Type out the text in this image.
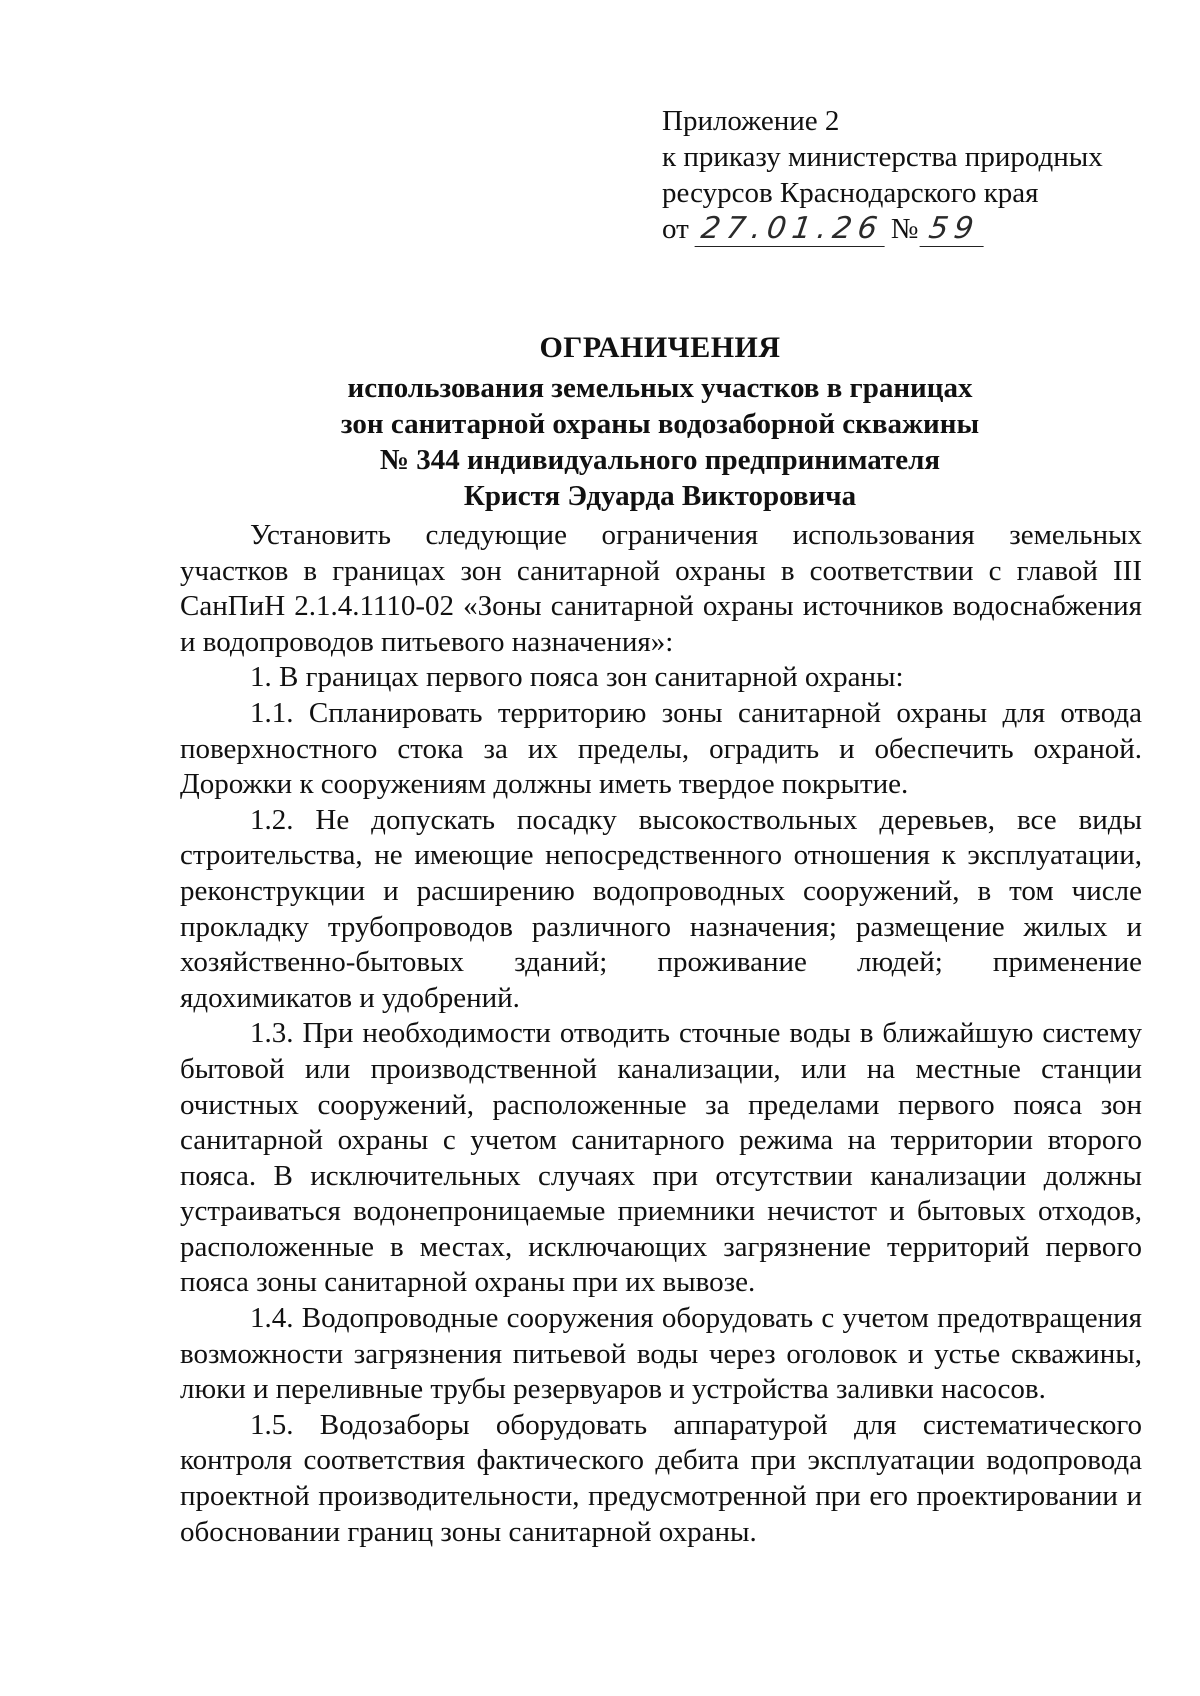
Приложение 2
к приказу министерства природных
ресурсов Краснодарского края
от 27.01.26 № 59
ОГРАНИЧЕНИЯ
использования земельных участков в границах
зон санитарной охраны водозаборной скважины
№ 344 индивидуального предпринимателя
Кристя Эдуарда Викторовича

Установить следующие ограничения использования земельных участков в границах зон санитарной охраны в соответствии с главой III СанПиН 2.1.4.1110-02 «Зоны санитарной охраны источников водоснабжения и водопроводов питьевого назначения»:

1. В границах первого пояса зон санитарной охраны:

1.1. Спланировать территорию зоны санитарной охраны для отвода поверхностного стока за их пределы, оградить и обеспечить охраной. Дорожки к сооружениям должны иметь твердое покрытие.

1.2. Не допускать посадку высокоствольных деревьев, все виды строительства, не имеющие непосредственного отношения к эксплуатации, реконструкции и расширению водопроводных сооружений, в том числе прокладку трубопроводов различного назначения; размещение жилых и хозяйственно-бытовых зданий; проживание людей; применение ядохимикатов и удобрений.

1.3. При необходимости отводить сточные воды в ближайшую систему бытовой или производственной канализации, или на местные станции очистных сооружений, расположенные за пределами первого пояса зон санитарной охраны с учетом санитарного режима на территории второго пояса. В исключительных случаях при отсутствии канализации должны устраиваться водонепроницаемые приемники нечистот и бытовых отходов, расположенные в местах, исключающих загрязнение территорий первого пояса зоны санитарной охраны при их вывозе.

1.4. Водопроводные сооружения оборудовать с учетом предотвращения возможности загрязнения питьевой воды через оголовок и устье скважины, люки и переливные трубы резервуаров и устройства заливки насосов.

1.5. Водозаборы оборудовать аппаратурой для систематического контроля соответствия фактического дебита при эксплуатации водопровода проектной производительности, предусмотренной при его проектировании и обосновании границ зоны санитарной охраны.
